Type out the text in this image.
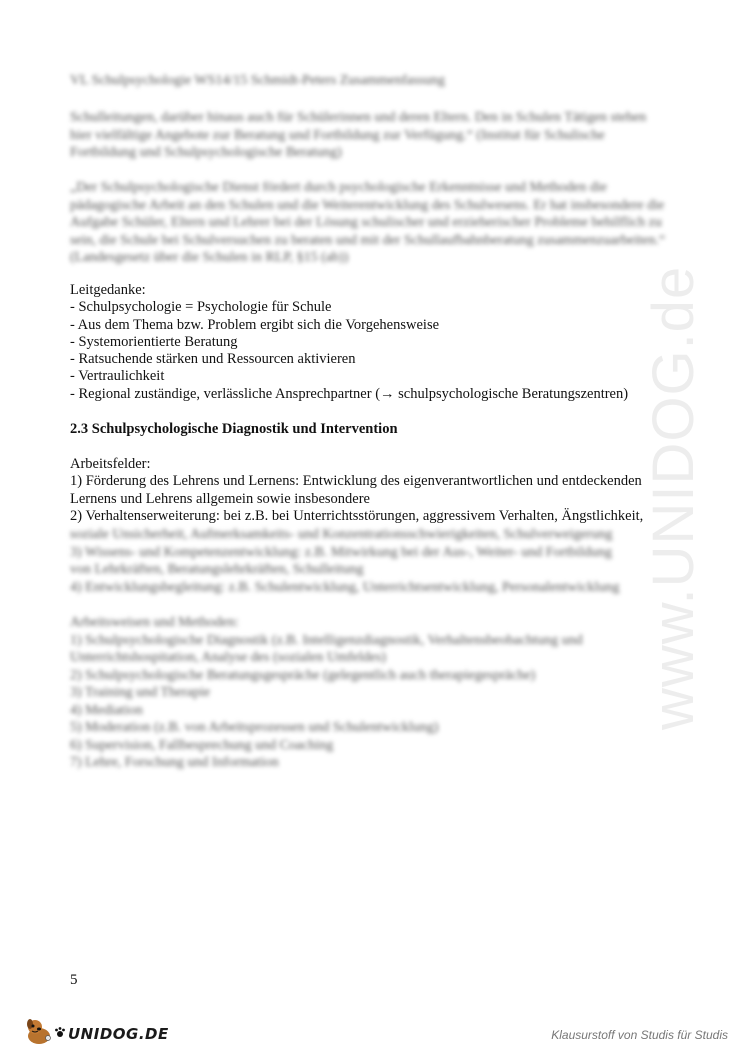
www.UNIDOG.de
VL Schulpsychologie WS14/15 Schmidt-Peters Zusammenfassung
Schulleitungen, darüber hinaus auch für Schülerinnen und deren Eltern. Den in Schulen Tätigen stehen hier vielfältige Angebote zur Beratung und Fortbildung zur Verfügung.“ (Institut für Schulische Fortbildung und Schulpsychologische Beratung)
„Der Schulpsychologische Dienst fördert durch psychologische Erkenntnisse und Methoden die pädagogische Arbeit an den Schulen und die Weiterentwicklung des Schulwesens. Er hat insbesondere die Aufgabe Schüler, Eltern und Lehrer bei der Lösung schulischer und erzieherischer Probleme behilflich zu sein, die Schule bei Schulversuchen zu beraten und mit der Schullaufbahnberatung zusammenzuarbeiten.“ (Landesgesetz über die Schulen in RLP, §15 (ab))
Leitgedanke:
- Schulpsychologie = Psychologie für Schule
- Aus dem Thema bzw. Problem ergibt sich die Vorgehensweise
- Systemorientierte Beratung
- Ratsuchende stärken und Ressourcen aktivieren
- Vertraulichkeit
- Regional zuständige, verlässliche Ansprechpartner (→ schulpsychologische Beratungszentren)
2.3 Schulpsychologische Diagnostik und Intervention
Arbeitsfelder:
1) Förderung des Lehrens und Lernens: Entwicklung des eigenverantwortlichen und entdeckenden Lernens und Lehrens allgemein sowie insbesondere
2) Verhaltenserweiterung: bei z.B. bei Unterrichtsstörungen, aggressivem Verhalten, Ängstlichkeit,
soziale Unsicherheit, Aufmerksamkeits- und Konzentrationsschwierigkeiten, Schulverweigerung
3) Wissens- und Kompetenzentwicklung: z.B. Mitwirkung bei der Aus-, Weiter- und Fortbildung
von Lehrkräften, Beratungslehrkräften, Schulleitung
4) Entwicklungsbegleitung: z.B. Schulentwicklung, Unterrichtsentwicklung, Personalentwicklung
Arbeitsweisen und Methoden:
1) Schulpsychologische Diagnostik (z.B. Intelligenzdiagnostik, Verhaltensbeobachtung und
Unterrichtshospitation, Analyse des (sozialen Umfeldes)
2) Schulpsychologische Beratungsgespräche (gelegentlich auch therapiegespräche)
3) Training und Therapie
4) Mediation
5) Moderation (z.B. von Arbeitsprozessen und Schulentwicklung)
6) Supervision, Fallbesprechung und Coaching
7) Lehre, Forschung und Information
5
UNIDOG.DE	Klausurstoff von Studis für Studis
